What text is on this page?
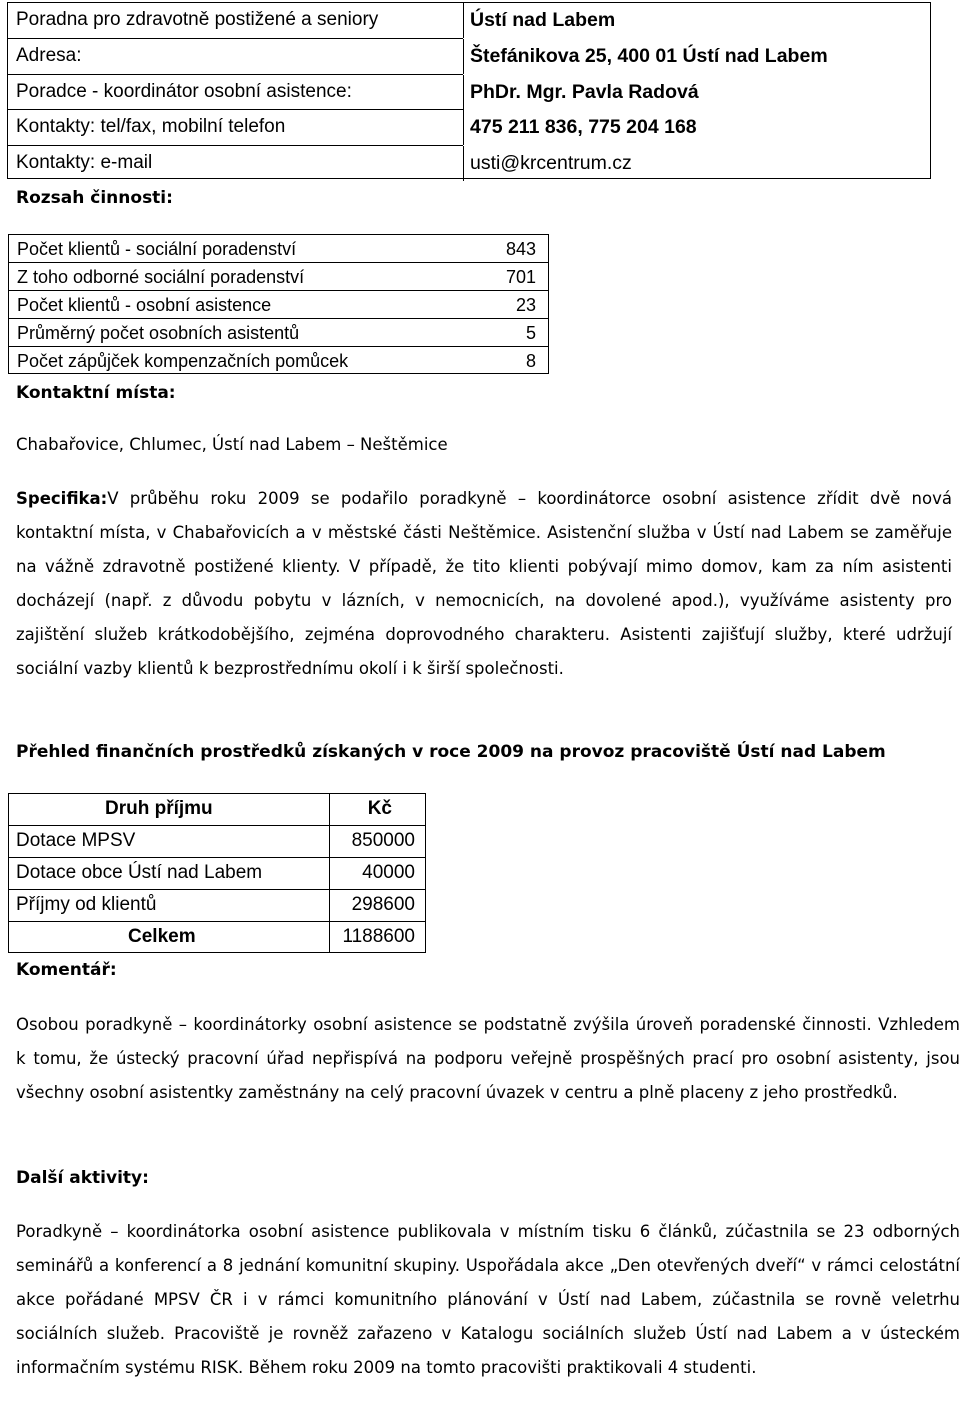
Poradna pro zdravotně postižené a seniory	Ústí nad Labem
Adresa:	Štefánikova 25, 400 01 Ústí nad Labem
Poradce - koordinátor osobní asistence:	PhDr. Mgr. Pavla Radová
Kontakty: tel/fax, mobilní telefon	475 211 836, 775 204 168
Kontakty: e-mail	usti@krcentrum.cz
Rozsah činnosti:
Počet klientů - sociální poradenství	843
Z toho odborné sociální poradenství	701
Počet klientů - osobní asistence	23
Průměrný počet osobních asistentů	5
Počet zápůjček kompenzačních pomůcek	8
Kontaktní místa:

Chabařovice, Chlumec, Ústí nad Labem – Neštěmice

Specifika:V průběhu roku 2009 se podařilo poradkyně – koordinátorce osobní asistence zřídit dvě nová kontaktní místa, v Chabařovicích a v městské části Neštěmice. Asistenční služba v Ústí nad Labem se zaměřuje na vážně zdravotně postižené klienty. V případě, že tito klienti pobývají mimo domov, kam za ním asistenti docházejí (např. z důvodu pobytu v lázních, v nemocnicích, na dovolené apod.), využíváme asistenty pro zajištění služeb krátkodobějšího, zejména doprovodného charakteru. Asistenti zajišťují služby, které udržují sociální vazby klientů k bezprostřednímu okolí i k širší společnosti.

Přehled finančních prostředků získaných v roce 2009 na provoz pracoviště Ústí nad Labem
Druh příjmu	Kč
Dotace MPSV	850000
Dotace obce Ústí nad Labem	40000
Příjmy od klientů	298600
Celkem	1188600
Komentář:

Osobou poradkyně – koordinátorky osobní asistence se podstatně zvýšila úroveň poradenské činnosti. Vzhledem k tomu, že ústecký pracovní úřad nepřispívá na podporu veřejně prospěšných prací pro osobní asistenty, jsou všechny osobní asistentky zaměstnány na celý pracovní úvazek v centru a plně placeny z jeho prostředků.

Další aktivity:

Poradkyně – koordinátorka osobní asistence publikovala v místním tisku 6 článků, zúčastnila se 23 odborných seminářů a konferencí a 8 jednání komunitní skupiny. Uspořádala akce „Den otevřených dveří“ v rámci celostátní akce pořádané MPSV ČR i v rámci komunitního plánování v Ústí nad Labem, zúčastnila se rovně veletrhu sociálních služeb. Pracoviště je rovněž zařazeno v Katalogu sociálních služeb Ústí nad Labem a v ústeckém informačním systému RISK. Během roku 2009 na tomto pracovišti praktikovali 4 studenti.
